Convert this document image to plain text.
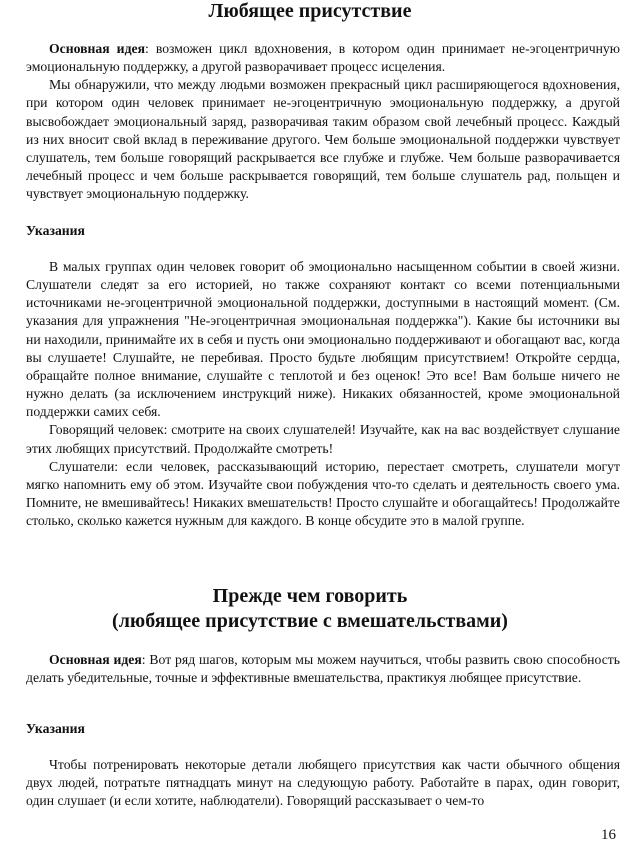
Любящее присутствие

Основная идея: возможен цикл вдохновения, в котором один принимает не-эгоцентричную эмоциональную поддержку, а другой разворачивает процесс исцеления.

Мы обнаружили, что между людьми возможен прекрасный цикл расширяющегося вдохновения, при котором один человек принимает не-эгоцентричную эмоциональную поддержку, а другой высвобождает эмоциональный заряд, разворачивая таким образом свой лечебный процесс. Каждый из них вносит свой вклад в переживание другого. Чем больше эмоциональной поддержки чувствует слушатель, тем больше говорящий раскрывается все глубже и глубже. Чем больше разворачивается лечебный процесс и чем больше раскрывается говорящий, тем больше слушатель рад, польщен и чувствует эмоциональную поддержку.

Указания

В малых группах один человек говорит об эмоционально насыщенном событии в своей жизни. Слушатели следят за его историей, но также сохраняют контакт со всеми потенциальными источниками не-эгоцентричной эмоциональной поддержки, доступными в настоящий момент. (См. указания для упражнения "Не-эгоцентричная эмоциональная поддержка"). Какие бы источники вы ни находили, принимайте их в себя и пусть они эмоционально поддерживают и обогащают вас, когда вы слушаете! Слушайте, не перебивая. Просто будьте любящим присутствием! Откройте сердца, обращайте полное внимание, слушайте с теплотой и без оценок! Это все! Вам больше ничего не нужно делать (за исключением инструкций ниже). Никаких обязанностей, кроме эмоциональной поддержки самих себя.

Говорящий человек: смотрите на своих слушателей! Изучайте, как на вас воздействует слушание этих любящих присутствий. Продолжайте смотреть!

Слушатели: если человек, рассказывающий историю, перестает смотреть, слушатели могут мягко напомнить ему об этом. Изучайте свои побуждения что-то сделать и деятельность своего ума. Помните, не вмешивайтесь! Никаких вмешательств! Просто слушайте и обогащайтесь! Продолжайте столько, сколько кажется нужным для каждого. В конце обсудите это в малой группе.

Прежде чем говорить
(любящее присутствие с вмешательствами)

Основная идея: Вот ряд шагов, которым мы можем научиться, чтобы развить свою способность делать убедительные, точные и эффективные вмешательства, практикуя любящее присутствие.

Указания

Чтобы потренировать некоторые детали любящего присутствия как части обычного общения двух людей, потратьте пятнадцать минут на следующую работу. Работайте в парах, один говорит, один слушает (и если хотите, наблюдатели). Говорящий рассказывает о чем-то

16
